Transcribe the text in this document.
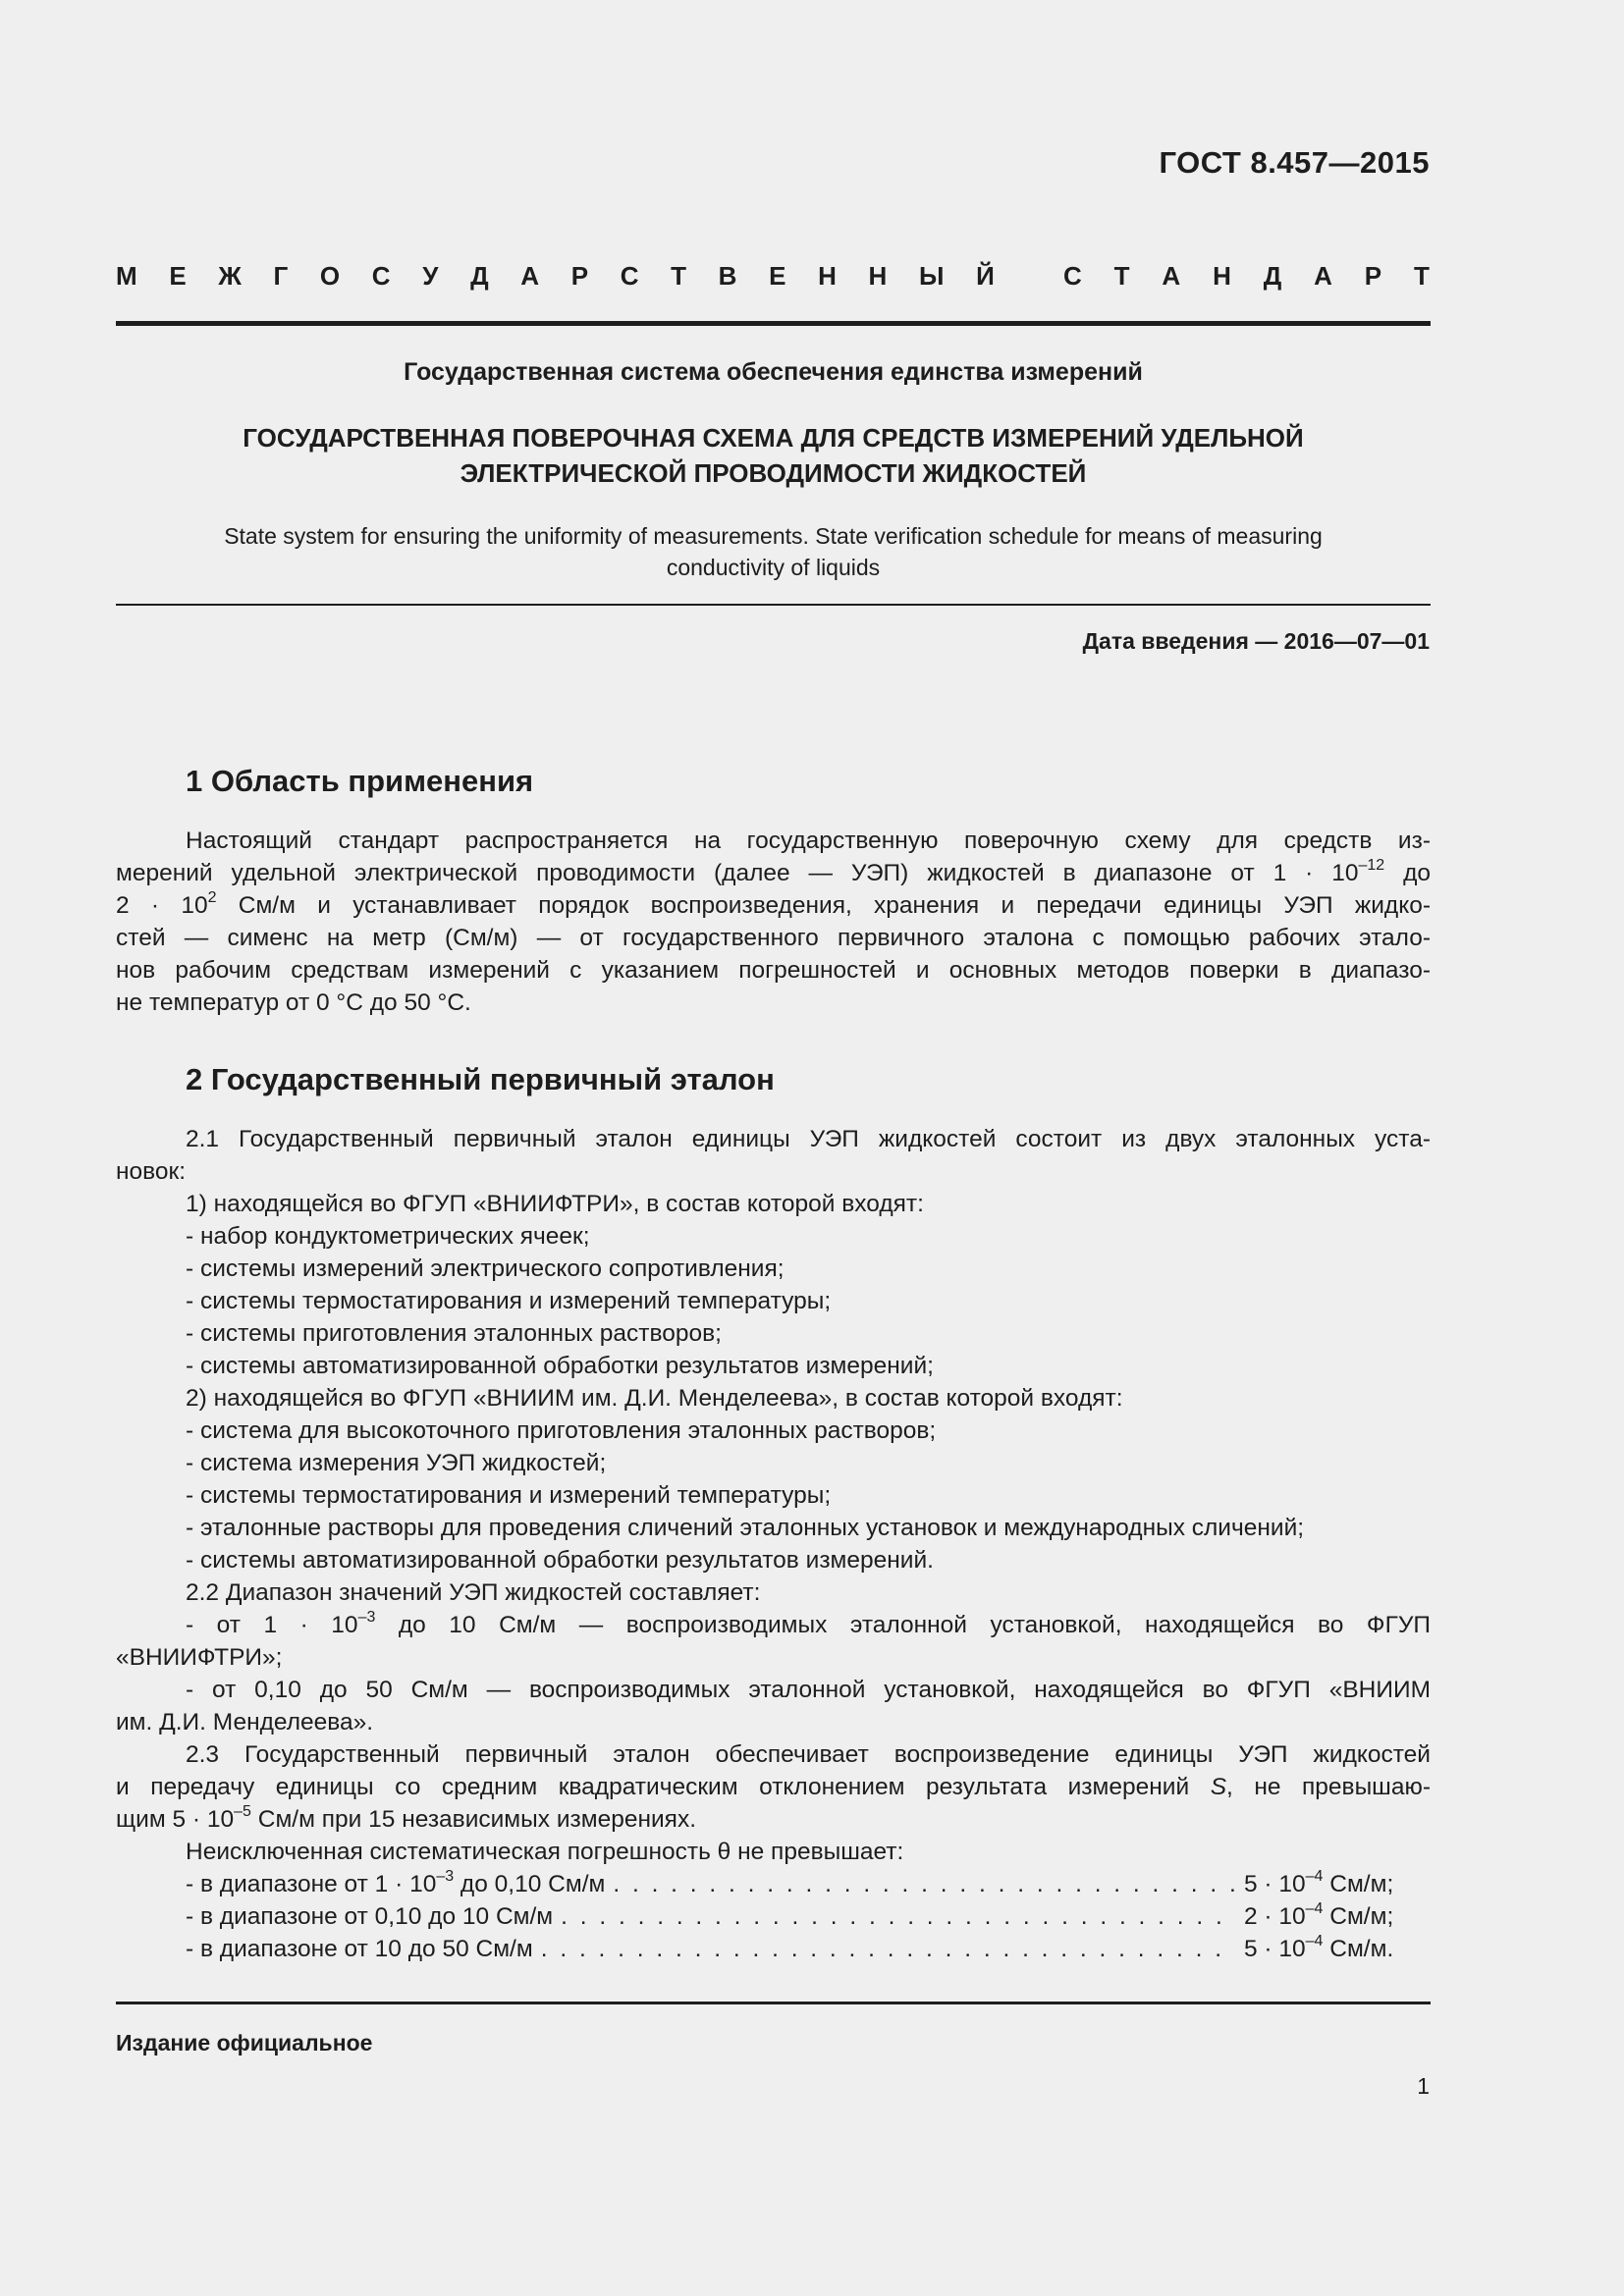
ГОСТ 8.457—2015
М Е Ж Г О С У Д А Р С Т В Е Н Н Ы Й	С Т А Н Д А Р Т
Государственная система обеспечения единства измерений
ГОСУДАРСТВЕННАЯ ПОВЕРОЧНАЯ СХЕМА ДЛЯ СРЕДСТВ ИЗМЕРЕНИЙ УДЕЛЬНОЙ
ЭЛЕКТРИЧЕСКОЙ ПРОВОДИМОСТИ ЖИДКОСТЕЙ
State system for ensuring the uniformity of measurements. State verification schedule for means of measuring
conductivity of liquids
Дата введения — 2016—07—01
1 Область применения
Настоящий стандарт распространяется на государственную поверочную схему для средств из-
мерений удельной электрической проводимости (далее — УЭП) жидкостей в диапазоне от $1 \cdot 10^{-12}$ до
$2 \cdot 10^2$ См/м и устанавливает порядок воспроизведения, хранения и передачи единицы УЭП жидко-
стей — сименс на метр (См/м) — от государственного первичного эталона с помощью рабочих этало-
нов рабочим средствам измерений с указанием погрешностей и основных методов поверки в диапазо-
не температур от 0 °С до 50 °С.
2 Государственный первичный эталон
2.1 Государственный первичный эталон единицы УЭП жидкостей состоит из двух эталонных уста-
новок:
1) находящейся во ФГУП «ВНИИФТРИ», в состав которой входят:
- набор кондуктометрических ячеек;
- системы измерений электрического сопротивления;
- системы термостатирования и измерений температуры;
- системы приготовления эталонных растворов;
- системы автоматизированной обработки результатов измерений;
2) находящейся во ФГУП «ВНИИМ им. Д.И. Менделеева», в состав которой входят:
- система для высокоточного приготовления эталонных растворов;
- система измерения УЭП жидкостей;
- системы термостатирования и измерений температуры;
- эталонные растворы для проведения сличений эталонных установок и международных сличений;
- системы автоматизированной обработки результатов измерений.
2.2 Диапазон значений УЭП жидкостей составляет:
- от $1 \cdot 10^{-3}$ до 10 См/м — воспроизводимых эталонной установкой, находящейся во ФГУП
«ВНИИФТРИ»;
- от 0,10 до 50 См/м — воспроизводимых эталонной установкой, находящейся во ФГУП «ВНИИМ
им. Д.И. Менделеева».
2.3 Государственный первичный эталон обеспечивает воспроизведение единицы УЭП жидкостей
и передачу единицы со средним квадратическим отклонением результата измерений S, не превышаю-
щим $5 \cdot 10^{-5}$ См/м при 15 независимых измерениях.
Неисключенная систематическая погрешность θ не превышает:
- в диапазоне от $1 \cdot 10^{-3}$ до 0,10 См/м . . .	$5 \cdot 10^{-4}$ См/м;
- в диапазоне от 0,10 до 10 См/м . . .	$2 \cdot 10^{-4}$ См/м;
- в диапазоне от 10 до 50 См/м . . .	$5 \cdot 10^{-4}$ См/м.
Издание официальное
1
